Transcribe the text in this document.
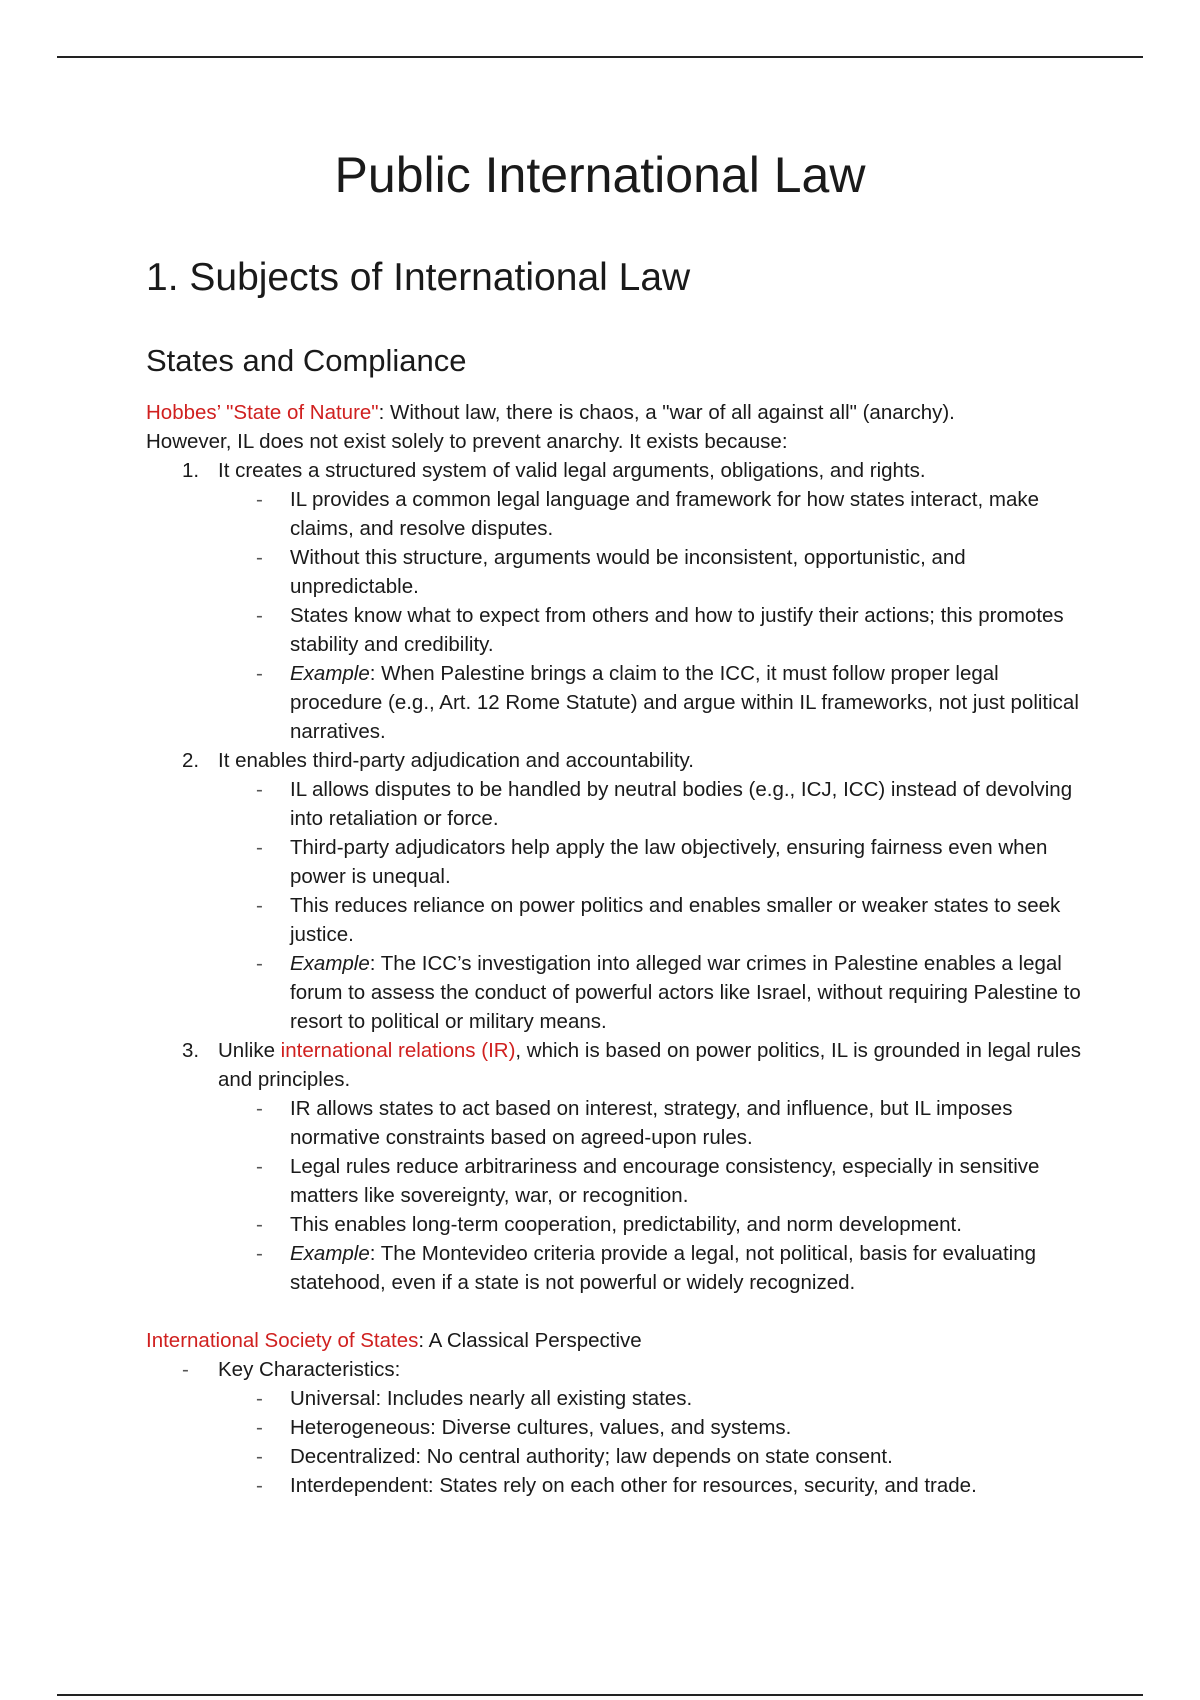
Public International Law
1. Subjects of International Law
States and Compliance

Hobbes’ "State of Nature": Without law, there is chaos, a "war of all against all" (anarchy).

However, IL does not exist solely to prevent anarchy. It exists because:

1. It creates a structured system of valid legal arguments, obligations, and rights.
- IL provides a common legal language and framework for how states interact, make claims, and resolve disputes.
- Without this structure, arguments would be inconsistent, opportunistic, and unpredictable.
- States know what to expect from others and how to justify their actions; this promotes stability and credibility.
- Example: When Palestine brings a claim to the ICC, it must follow proper legal procedure (e.g., Art. 12 Rome Statute) and argue within IL frameworks, not just political narratives.
2. It enables third-party adjudication and accountability.
- IL allows disputes to be handled by neutral bodies (e.g., ICJ, ICC) instead of devolving into retaliation or force.
- Third-party adjudicators help apply the law objectively, ensuring fairness even when power is unequal.
- This reduces reliance on power politics and enables smaller or weaker states to seek justice.
- Example: The ICC’s investigation into alleged war crimes in Palestine enables a legal forum to assess the conduct of powerful actors like Israel, without requiring Palestine to resort to political or military means.
3. Unlike international relations (IR), which is based on power politics, IL is grounded in legal rules and principles.
- IR allows states to act based on interest, strategy, and influence, but IL imposes normative constraints based on agreed-upon rules.
- Legal rules reduce arbitrariness and encourage consistency, especially in sensitive matters like sovereignty, war, or recognition.
- This enables long-term cooperation, predictability, and norm development.
- Example: The Montevideo criteria provide a legal, not political, basis for evaluating statehood, even if a state is not powerful or widely recognized.

International Society of States: A Classical Perspective

- Key Characteristics:
- Universal: Includes nearly all existing states.
- Heterogeneous: Diverse cultures, values, and systems.
- Decentralized: No central authority; law depends on state consent.
- Interdependent: States rely on each other for resources, security, and trade.
